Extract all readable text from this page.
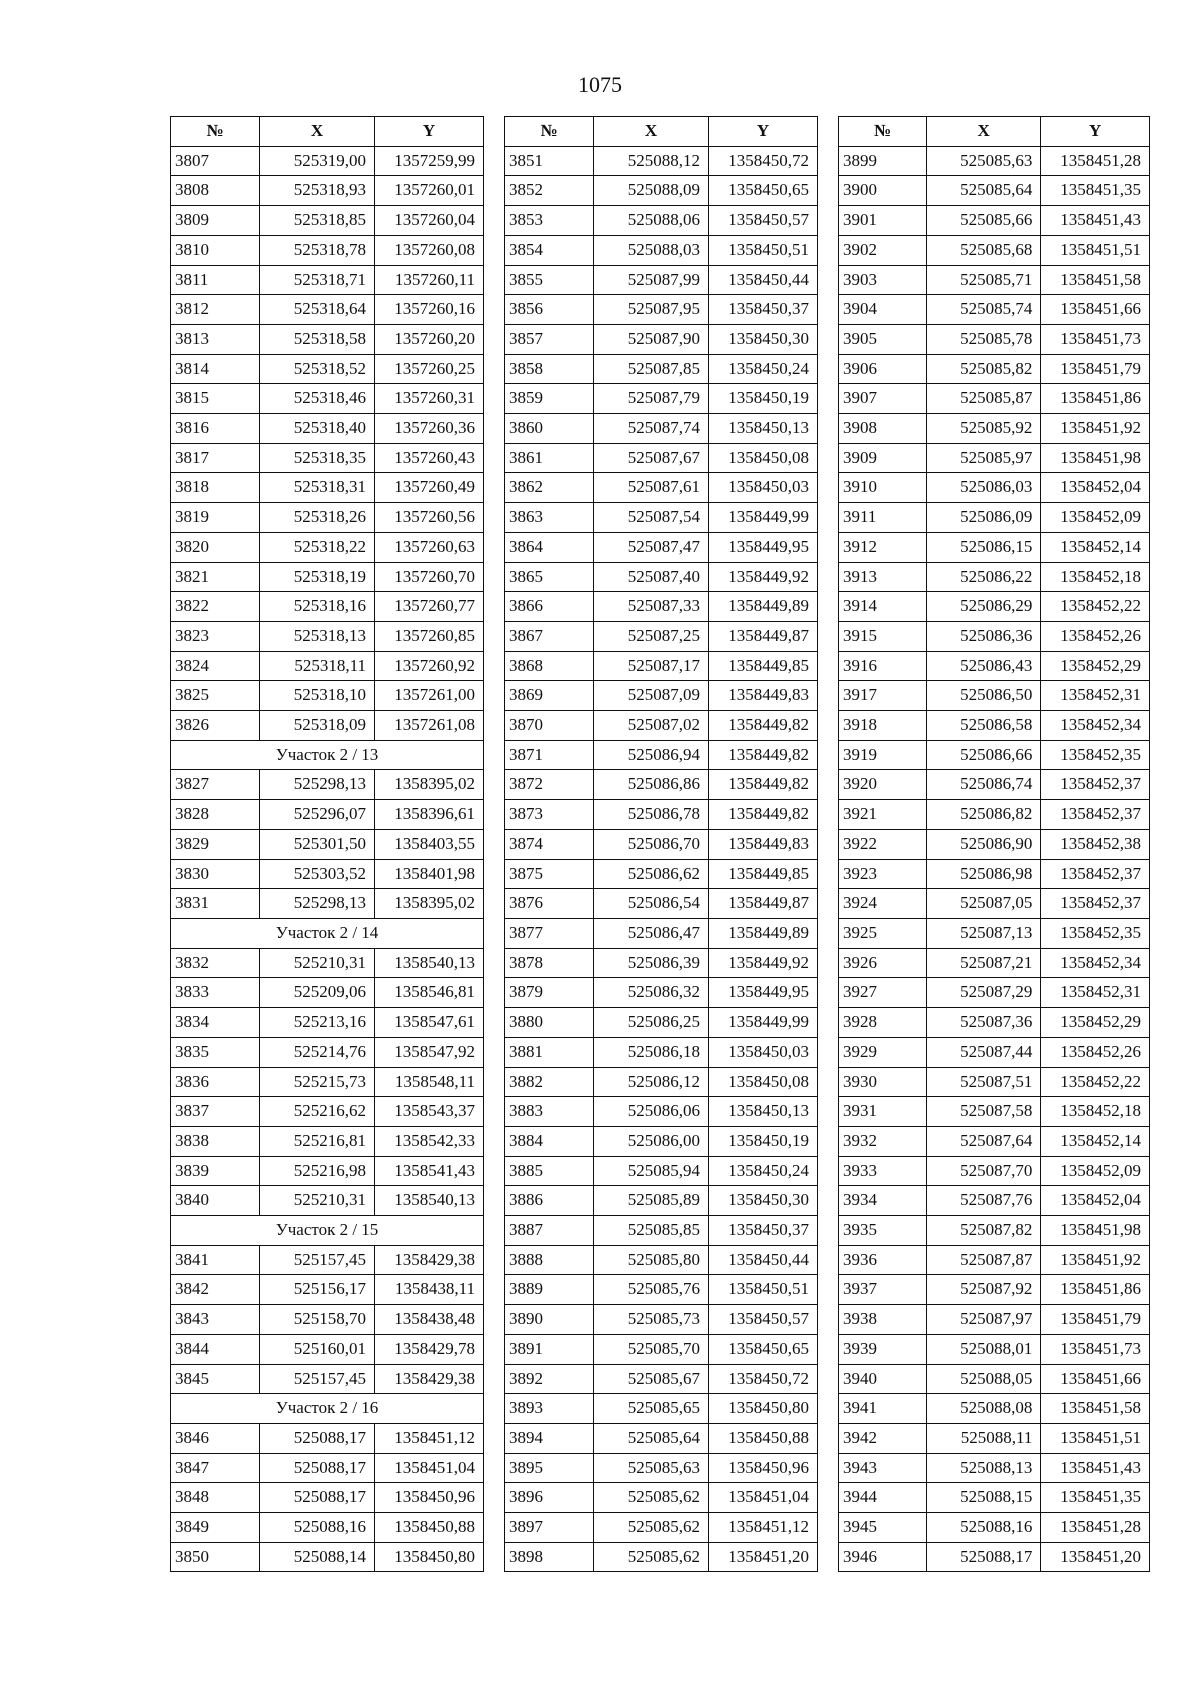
1075
№	X	Y
3807	525319,00	1357259,99
3808	525318,93	1357260,01
3809	525318,85	1357260,04
3810	525318,78	1357260,08
3811	525318,71	1357260,11
3812	525318,64	1357260,16
3813	525318,58	1357260,20
3814	525318,52	1357260,25
3815	525318,46	1357260,31
3816	525318,40	1357260,36
3817	525318,35	1357260,43
3818	525318,31	1357260,49
3819	525318,26	1357260,56
3820	525318,22	1357260,63
3821	525318,19	1357260,70
3822	525318,16	1357260,77
3823	525318,13	1357260,85
3824	525318,11	1357260,92
3825	525318,10	1357261,00
3826	525318,09	1357261,08
Участок 2 / 13		
3827	525298,13	1358395,02
3828	525296,07	1358396,61
3829	525301,50	1358403,55
3830	525303,52	1358401,98
3831	525298,13	1358395,02
Участок 2 / 14		
3832	525210,31	1358540,13
3833	525209,06	1358546,81
3834	525213,16	1358547,61
3835	525214,76	1358547,92
3836	525215,73	1358548,11
3837	525216,62	1358543,37
3838	525216,81	1358542,33
3839	525216,98	1358541,43
3840	525210,31	1358540,13
Участок 2 / 15		
3841	525157,45	1358429,38
3842	525156,17	1358438,11
3843	525158,70	1358438,48
3844	525160,01	1358429,78
3845	525157,45	1358429,38
Участок 2 / 16		
3846	525088,17	1358451,12
3847	525088,17	1358451,04
3848	525088,17	1358450,96
3849	525088,16	1358450,88
3850	525088,14	1358450,80
№	X	Y
3851	525088,12	1358450,72
3852	525088,09	1358450,65
3853	525088,06	1358450,57
3854	525088,03	1358450,51
3855	525087,99	1358450,44
3856	525087,95	1358450,37
3857	525087,90	1358450,30
3858	525087,85	1358450,24
3859	525087,79	1358450,19
3860	525087,74	1358450,13
3861	525087,67	1358450,08
3862	525087,61	1358450,03
3863	525087,54	1358449,99
3864	525087,47	1358449,95
3865	525087,40	1358449,92
3866	525087,33	1358449,89
3867	525087,25	1358449,87
3868	525087,17	1358449,85
3869	525087,09	1358449,83
3870	525087,02	1358449,82
3871	525086,94	1358449,82
3872	525086,86	1358449,82
3873	525086,78	1358449,82
3874	525086,70	1358449,83
3875	525086,62	1358449,85
3876	525086,54	1358449,87
3877	525086,47	1358449,89
3878	525086,39	1358449,92
3879	525086,32	1358449,95
3880	525086,25	1358449,99
3881	525086,18	1358450,03
3882	525086,12	1358450,08
3883	525086,06	1358450,13
3884	525086,00	1358450,19
3885	525085,94	1358450,24
3886	525085,89	1358450,30
3887	525085,85	1358450,37
3888	525085,80	1358450,44
3889	525085,76	1358450,51
3890	525085,73	1358450,57
3891	525085,70	1358450,65
3892	525085,67	1358450,72
3893	525085,65	1358450,80
3894	525085,64	1358450,88
3895	525085,63	1358450,96
3896	525085,62	1358451,04
3897	525085,62	1358451,12
3898	525085,62	1358451,20
№	X	Y
3899	525085,63	1358451,28
3900	525085,64	1358451,35
3901	525085,66	1358451,43
3902	525085,68	1358451,51
3903	525085,71	1358451,58
3904	525085,74	1358451,66
3905	525085,78	1358451,73
3906	525085,82	1358451,79
3907	525085,87	1358451,86
3908	525085,92	1358451,92
3909	525085,97	1358451,98
3910	525086,03	1358452,04
3911	525086,09	1358452,09
3912	525086,15	1358452,14
3913	525086,22	1358452,18
3914	525086,29	1358452,22
3915	525086,36	1358452,26
3916	525086,43	1358452,29
3917	525086,50	1358452,31
3918	525086,58	1358452,34
3919	525086,66	1358452,35
3920	525086,74	1358452,37
3921	525086,82	1358452,37
3922	525086,90	1358452,38
3923	525086,98	1358452,37
3924	525087,05	1358452,37
3925	525087,13	1358452,35
3926	525087,21	1358452,34
3927	525087,29	1358452,31
3928	525087,36	1358452,29
3929	525087,44	1358452,26
3930	525087,51	1358452,22
3931	525087,58	1358452,18
3932	525087,64	1358452,14
3933	525087,70	1358452,09
3934	525087,76	1358452,04
3935	525087,82	1358451,98
3936	525087,87	1358451,92
3937	525087,92	1358451,86
3938	525087,97	1358451,79
3939	525088,01	1358451,73
3940	525088,05	1358451,66
3941	525088,08	1358451,58
3942	525088,11	1358451,51
3943	525088,13	1358451,43
3944	525088,15	1358451,35
3945	525088,16	1358451,28
3946	525088,17	1358451,20
